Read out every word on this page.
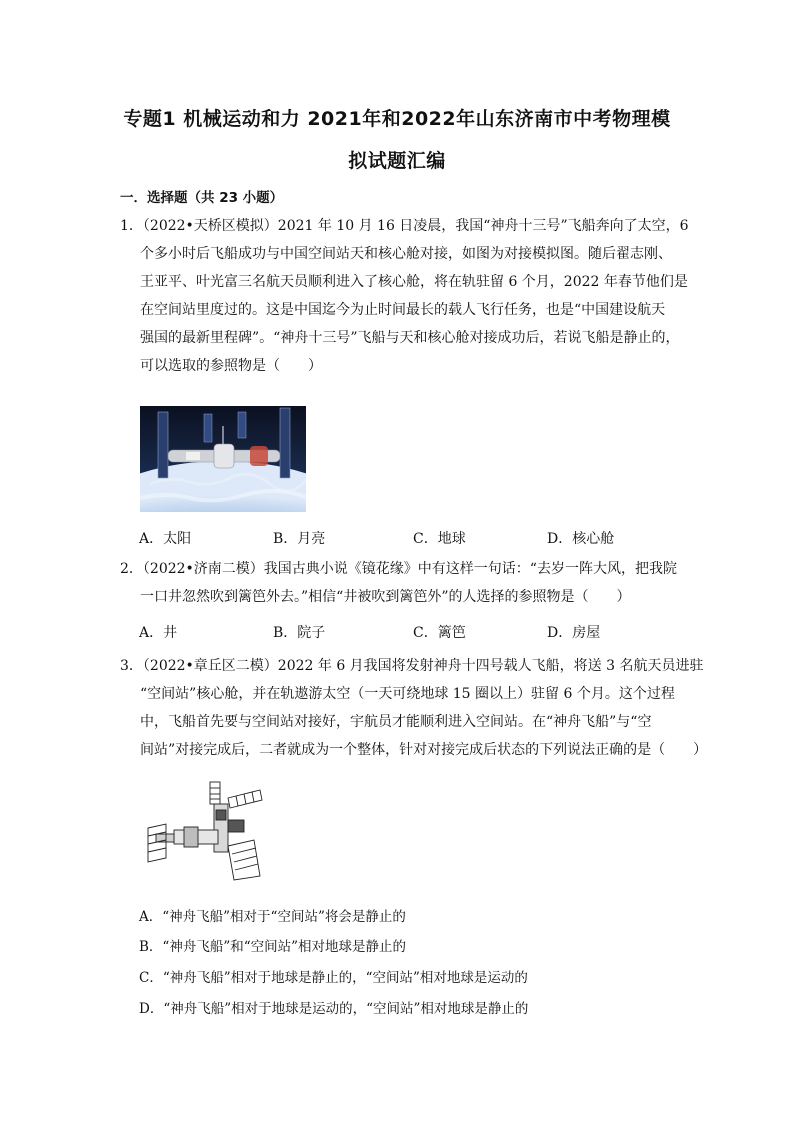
专题1 机械运动和力 2021年和2022年山东济南市中考物理模
拟试题汇编
一．选择题（共 23 小题）
1．（2022•天桥区模拟）2021 年 10 月 16 日凌晨，我国“神舟十三号”飞船奔向了太空，6
个多小时后飞船成功与中国空间站天和核心舱对接，如图为对接模拟图。随后翟志刚、
王亚平、叶光富三名航天员顺利进入了核心舱，将在轨驻留 6 个月，2022 年春节他们是
在空间站里度过的。这是中国迄今为止时间最长的载人飞行任务，也是“中国建设航天
强国的最新里程碑”。“神舟十三号”飞船与天和核心舱对接成功后，若说飞船是静止的，
可以选取的参照物是（　　）
A．太阳	B．月亮	C．地球	D．核心舱
2．（2022•济南二模）我国古典小说《镜花缘》中有这样一句话：“去岁一阵大风，把我院
一口井忽然吹到篱笆外去。”相信“井被吹到篱笆外”的人选择的参照物是（　　）
A．井	B．院子	C．篱笆	D．房屋
3．（2022•章丘区二模）2022 年 6 月我国将发射神舟十四号载人飞船，将送 3 名航天员进驻
“空间站”核心舱，并在轨遨游太空（一天可绕地球 15 圈以上）驻留 6 个月。这个过程
中，飞船首先要与空间站对接好，宇航员才能顺利进入空间站。在“神舟飞船”与“空
间站”对接完成后，二者就成为一个整体，针对对接完成后状态的下列说法正确的是（　　）
A．“神舟飞船”相对于“空间站”将会是静止的
B．“神舟飞船”和“空间站”相对地球是静止的
C．“神舟飞船”相对于地球是静止的，“空间站”相对地球是运动的
D．“神舟飞船”相对于地球是运动的，“空间站”相对地球是静止的
